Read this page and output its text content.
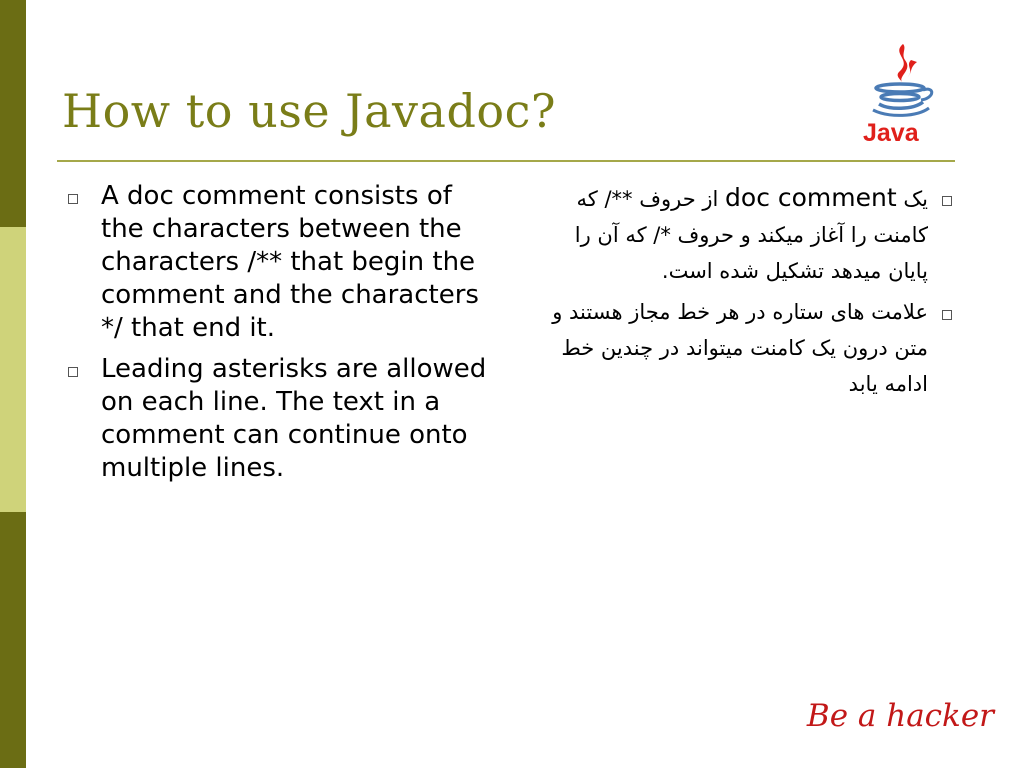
How to use Javadoc?	Java
A doc comment consists of the characters between the characters /** that begin the comment and the characters */ that end it.
Leading asterisks are allowed on each line. The text in a comment can continue onto multiple lines.
یک doc comment از حروف **/ که کامنت را آغاز میکند و حروف */ که آن را پایان میدهد تشکیل شده است.
علامت های ستاره در هر خط مجاز هستند و متن درون یک کامنت میتواند در چندین خط ادامه یابد
Be a hacker
